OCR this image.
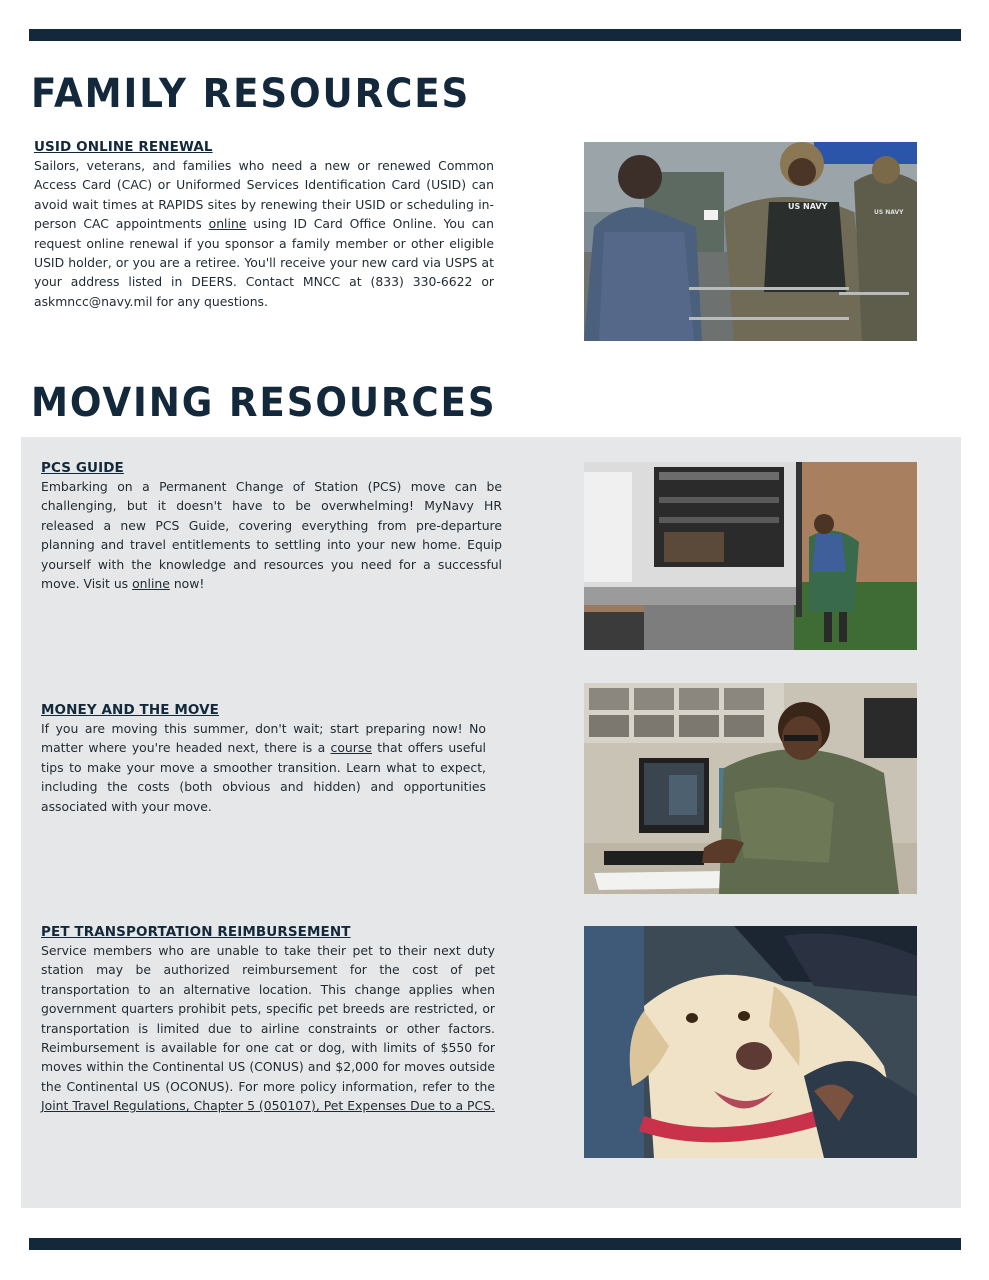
FAMILY RESOURCES
USID ONLINE RENEWAL

Sailors, veterans, and families who need a new or renewed Common Access Card (CAC) or Uniformed Services Identification Card (USID) can avoid wait times at RAPIDS sites by renewing their USID or scheduling in-person CAC appointments online using ID Card Office Online. You can request online renewal if you sponsor a family member or other eligible USID holder, or you are a retiree. You'll receive your new card via USPS at your address listed in DEERS. Contact MNCC at (833) 330-6622 or askmncc@navy.mil for any questions.

US NAVY
US NAVY
MOVING RESOURCES
PCS GUIDE

Embarking on a Permanent Change of Station (PCS) move can be challenging, but it doesn't have to be overwhelming! MyNavy HR released a new PCS Guide, covering everything from pre-departure planning and travel entitlements to settling into your new home. Equip yourself with the knowledge and resources you need for a successful move. Visit us online now!

MONEY AND THE MOVE

If you are moving this summer, don't wait; start preparing now! No matter where you're headed next, there is a course that offers useful tips to make your move a smoother transition. Learn what to expect, including the costs (both obvious and hidden) and opportunities associated with your move.

PET TRANSPORTATION REIMBURSEMENT

Service members who are unable to take their pet to their next duty station may be authorized reimbursement for the cost of pet transportation to an alternative location. This change applies when government quarters prohibit pets, specific pet breeds are restricted, or transportation is limited due to airline constraints or other factors. Reimbursement is available for one cat or dog, with limits of $550 for moves within the Continental US (CONUS) and $2,000 for moves outside the Continental US (OCONUS). For more policy information, refer to the Joint Travel Regulations, Chapter 5 (050107), Pet Expenses Due to a PCS.
